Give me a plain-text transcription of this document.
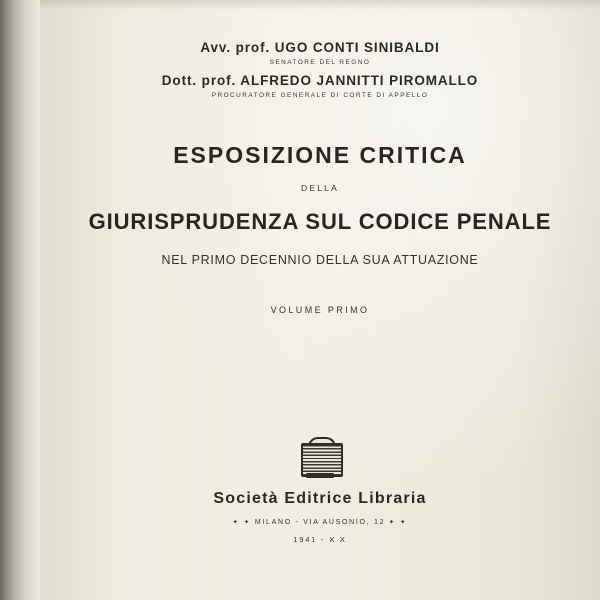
Avv. prof. UGO CONTI SINIBALDI
SENATORE DEL REGNO
Dott. prof. ALFREDO JANNITTI PIROMALLO
PROCURATORE GENERALE DI CORTE DI APPELLO
ESPOSIZIONE CRITICA
DELLA
GIURISPRUDENZA SUL CODICE PENALE
NEL PRIMO DECENNIO DELLA SUA ATTUAZIONE
VOLUME PRIMO
Società Editrice Libraria
✦ ✦ MILANO - VIA AUSONIO, 12 ✦ ✦
1941 - X X
